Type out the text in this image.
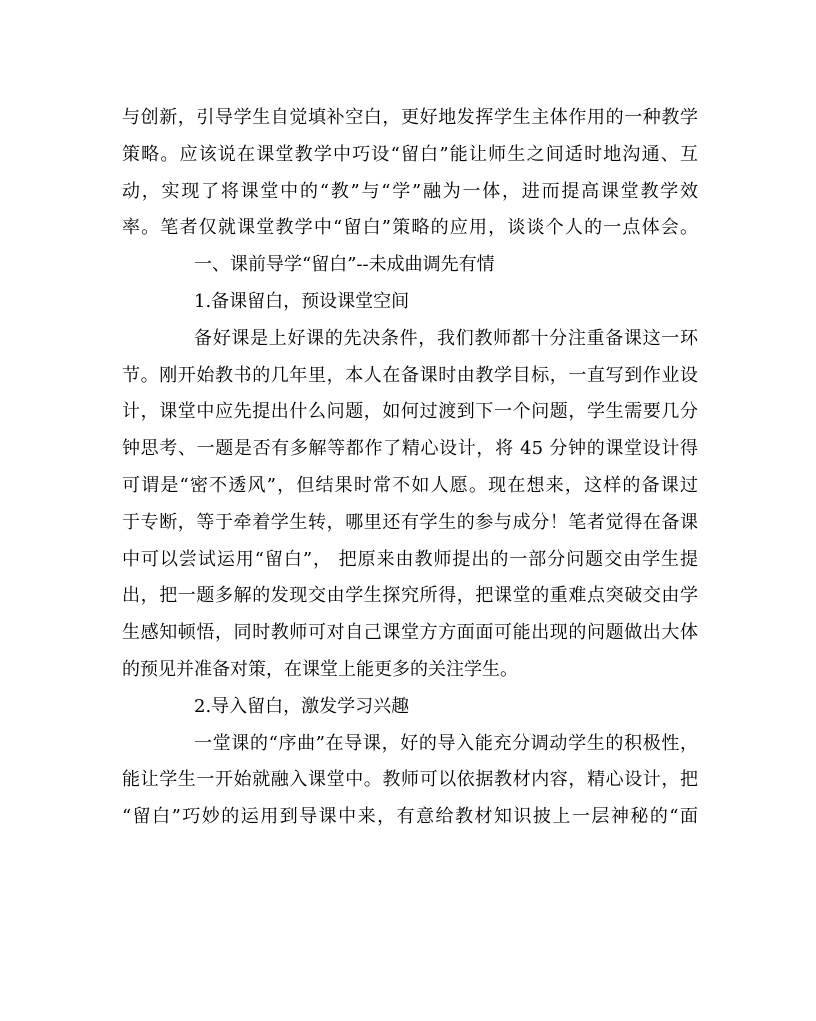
与创新，引导学生自觉填补空白，更好地发挥学生主体作用的一种教学
策略。应该说在课堂教学中巧设“留白”能让师生之间适时地沟通、互
动，实现了将课堂中的“教”与“学”融为一体，进而提高课堂教学效
率。笔者仅就课堂教学中“留白”策略的应用，谈谈个人的一点体会。
一、课前导学“留白”--未成曲调先有情
1.备课留白，预设课堂空间
备好课是上好课的先决条件，我们教师都十分注重备课这一环
节。刚开始教书的几年里，本人在备课时由教学目标，一直写到作业设
计，课堂中应先提出什么问题，如何过渡到下一个问题，学生需要几分
钟思考、一题是否有多解等都作了精心设计，将 45 分钟的课堂设计得
可谓是“密不透风”，但结果时常不如人愿。现在想来，这样的备课过
于专断，等于牵着学生转，哪里还有学生的参与成分！笔者觉得在备课
中可以尝试运用“留白”， 把原来由教师提出的一部分问题交由学生提
出，把一题多解的发现交由学生探究所得，把课堂的重难点突破交由学
生感知顿悟，同时教师可对自己课堂方方面面可能出现的问题做出大体
的预见并准备对策，在课堂上能更多的关注学生。
2.导入留白，激发学习兴趣
一堂课的“序曲”在导课，好的导入能充分调动学生的积极性，
能让学生一开始就融入课堂中。教师可以依据教材内容，精心设计，把
“留白”巧妙的运用到导课中来，有意给教材知识披上一层神秘的“面
